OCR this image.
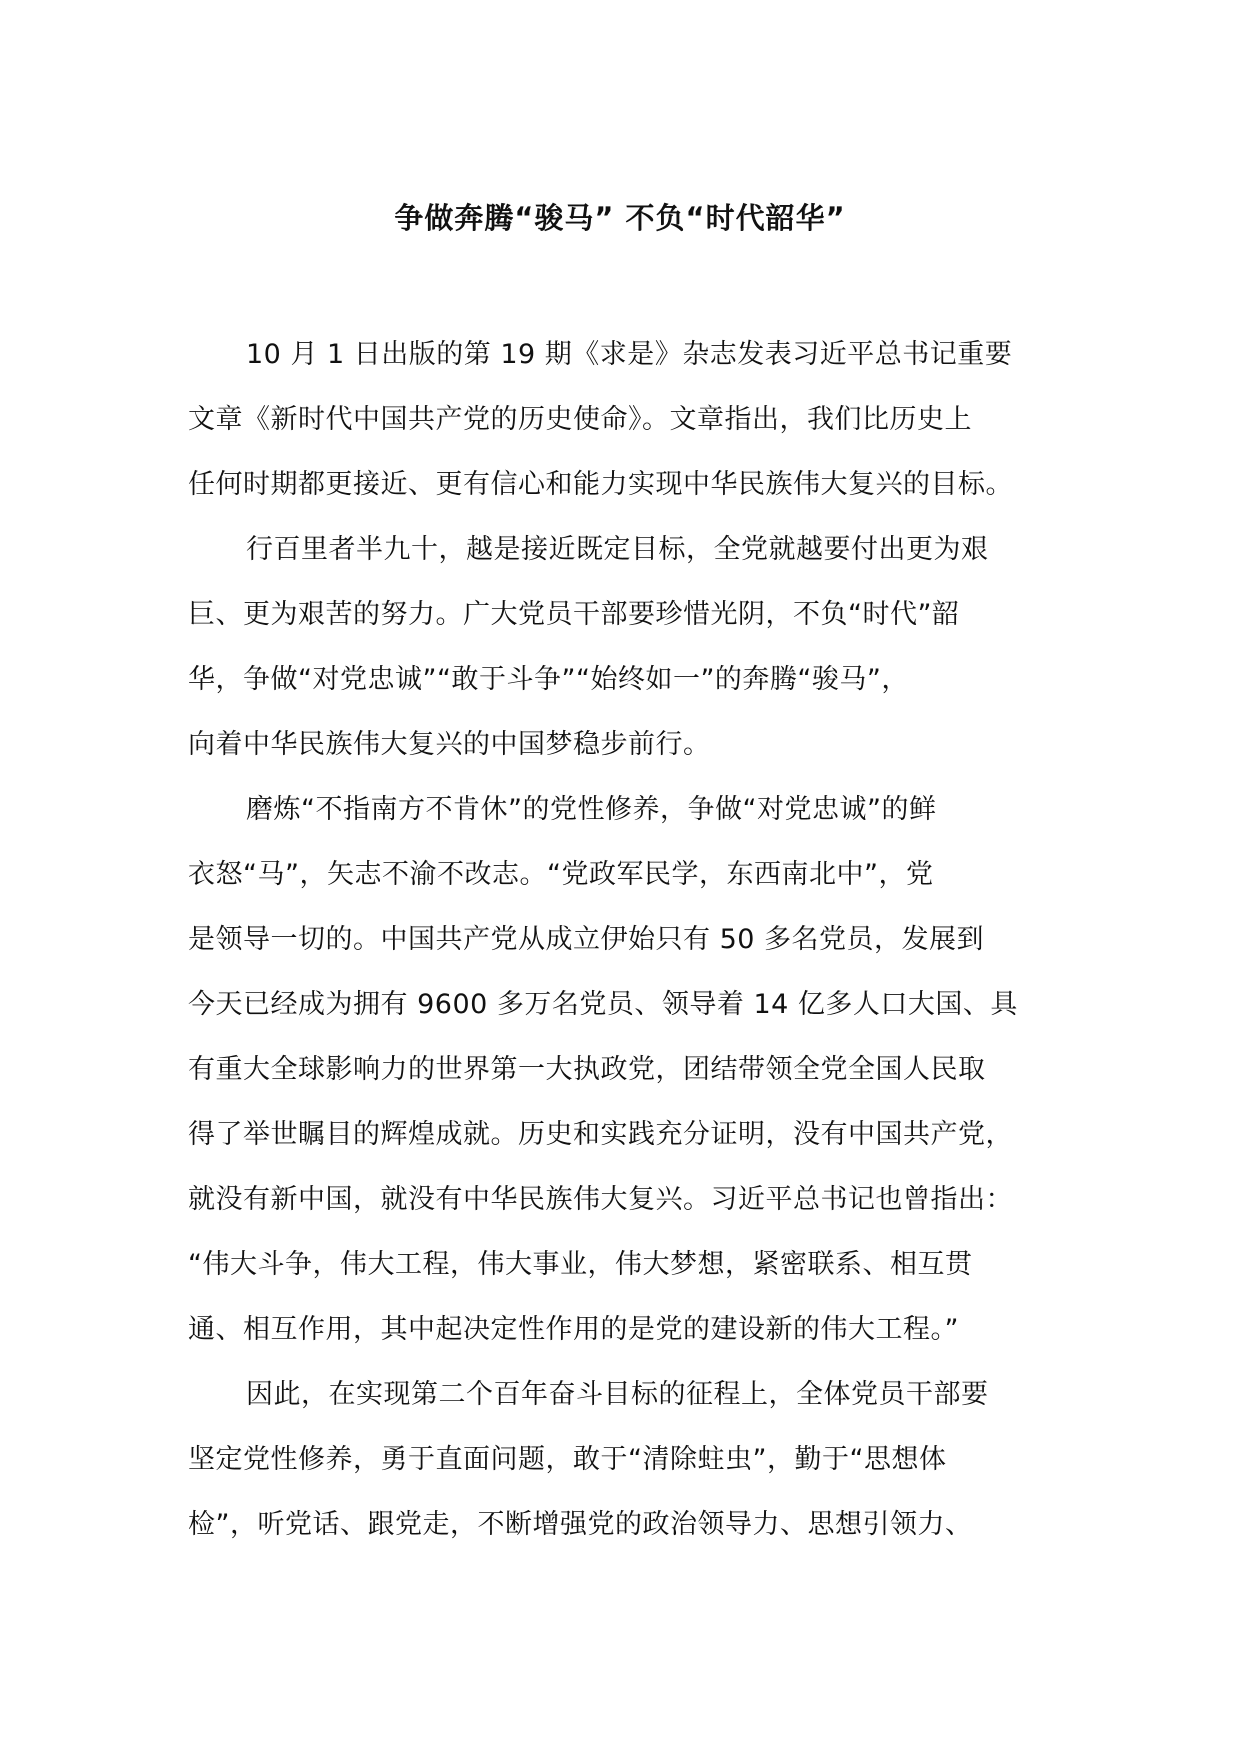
争做奔腾“骏马” 不负“时代韶华”
10 月 1 日出版的第 19 期《求是》杂志发表习近平总书记重要
文章《新时代中国共产党的历史使命》。文章指出，我们比历史上
任何时期都更接近、更有信心和能力实现中华民族伟大复兴的目标。
行百里者半九十，越是接近既定目标，全党就越要付出更为艰
巨、更为艰苦的努力。广大党员干部要珍惜光阴，不负“时代”韶
华，争做“对党忠诚”“敢于斗争”“始终如一”的奔腾“骏马”，
向着中华民族伟大复兴的中国梦稳步前行。
磨炼“不指南方不肯休”的党性修养，争做“对党忠诚”的鲜
衣怒“马”，矢志不渝不改志。“党政军民学，东西南北中”，党
是领导一切的。中国共产党从成立伊始只有 50 多名党员，发展到
今天已经成为拥有 9600 多万名党员、领导着 14 亿多人口大国、具
有重大全球影响力的世界第一大执政党，团结带领全党全国人民取
得了举世瞩目的辉煌成就。历史和实践充分证明，没有中国共产党，
就没有新中国，就没有中华民族伟大复兴。习近平总书记也曾指出：
“伟大斗争，伟大工程，伟大事业，伟大梦想，紧密联系、相互贯
通、相互作用，其中起决定性作用的是党的建设新的伟大工程。”
因此，在实现第二个百年奋斗目标的征程上，全体党员干部要
坚定党性修养，勇于直面问题，敢于“清除蛀虫”，勤于“思想体
检”，听党话、跟党走，不断增强党的政治领导力、思想引领力、
